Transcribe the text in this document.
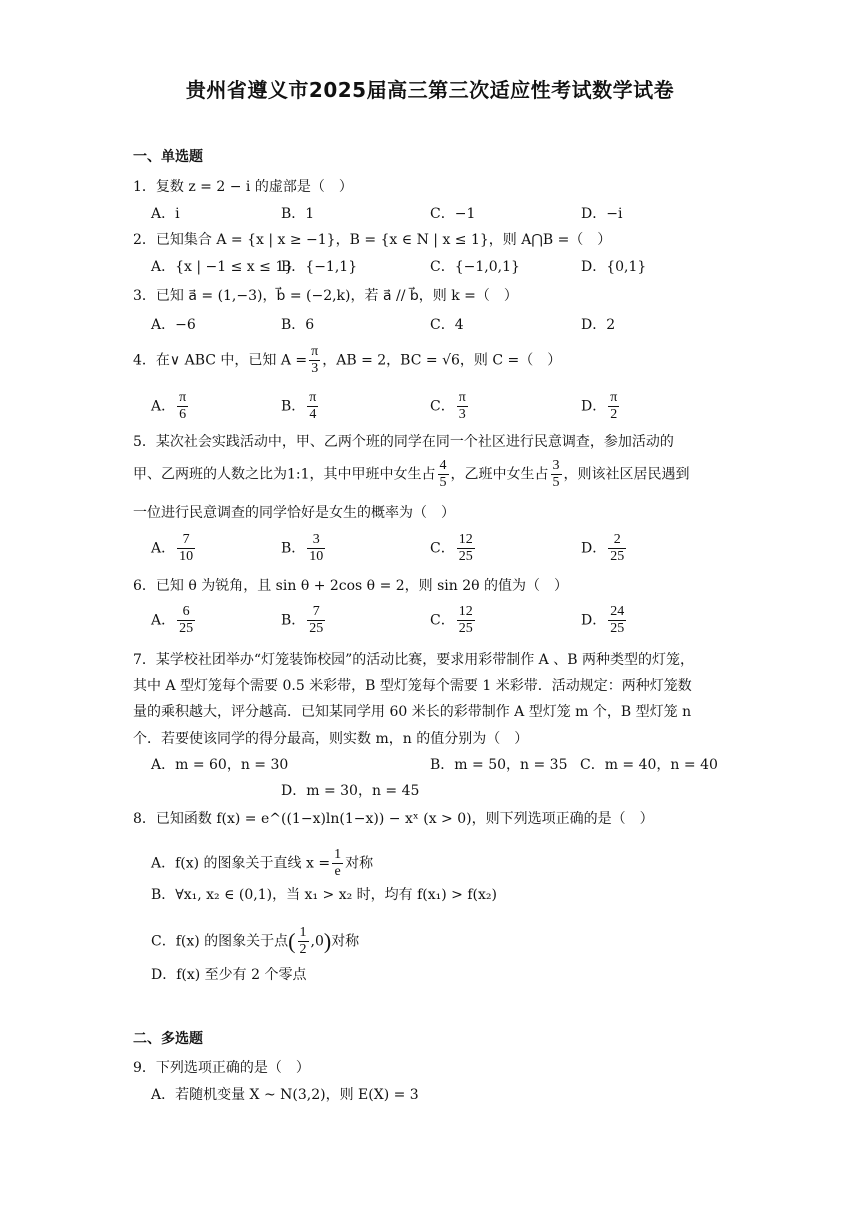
贵州省遵义市2025届高三第三次适应性考试数学试卷
一、单选题
1．复数 z = 2 − i 的虚部是（　）
A．i	B．1	C．−1	D．−i
2．已知集合 A = {x | x ≥ −1}，B = {x ∈ N | x ≤ 1}，则 A⋂B =（　）
A．{x | −1 ≤ x ≤ 1}
B．{−1,1}	C．{−1,0,1}	D．{0,1}
3．已知 a⃗ = (1,−3)，b⃗ = (−2,k)，若 a⃗ // b⃗，则 k =（　）
A．−6	B．6	C．4	D．2
4．在∨ ABC 中，已知 $A = \frac{\pi}{3}$ ，AB = 2，BC = √6，则 C =（　）
A． $\frac{\pi}{6}$	B． $\frac{\pi}{4}$	C． $\frac{\pi}{3}$	D． $\frac{\pi}{2}$
5．某次社会实践活动中，甲、乙两个班的同学在同一个社区进行民意调查，参加活动的
甲、乙两班的人数之比为1:1，其中甲班中女生占 $\frac{4}{5}$ ，乙班中女生占 $\frac{3}{5}$ ，则该社区居民遇到
一位进行民意调查的同学恰好是女生的概率为（　）
A． $\frac{7}{10}$	B． $\frac{3}{10}$	C． $\frac{12}{25}$	D． $\frac{2}{25}$
6．已知 θ 为锐角，且 sin θ + 2cos θ = 2，则 sin 2θ 的值为（　）
A． $\frac{6}{25}$	B． $\frac{7}{25}$	C． $\frac{12}{25}$	D． $\frac{24}{25}$
7．某学校社团举办“灯笼装饰校园”的活动比赛，要求用彩带制作 A 、B 两种类型的灯笼，
其中 A 型灯笼每个需要 0.5 米彩带，B 型灯笼每个需要 1 米彩带．活动规定：两种灯笼数
量的乘积越大，评分越高．已知某同学用 60 米长的彩带制作 A 型灯笼 m 个，B 型灯笼 n
个．若要使该同学的得分最高，则实数 m，n 的值分别为（　）
A．m = 60，n = 30	B．m = 50，n = 35 C．m = 40，n = 40
D．m = 30，n = 45
8．已知函数 f(x) = e^((1−x)ln(1−x)) − xˣ (x > 0)，则下列选项正确的是（　）
A．f(x) 的图象关于直线 $x = \frac{1}{e}$ 对称
B．∀x₁, x₂ ∈ (0,1)，当 x₁ > x₂ 时，均有 f(x₁) > f(x₂)
C．f(x) 的图象关于点( $\frac{1}{2} ,0$)对称
D．f(x) 至少有 2 个零点
二、多选题
9．下列选项正确的是（　）
A．若随机变量 X ~ N(3,2)，则 E(X) = 3
